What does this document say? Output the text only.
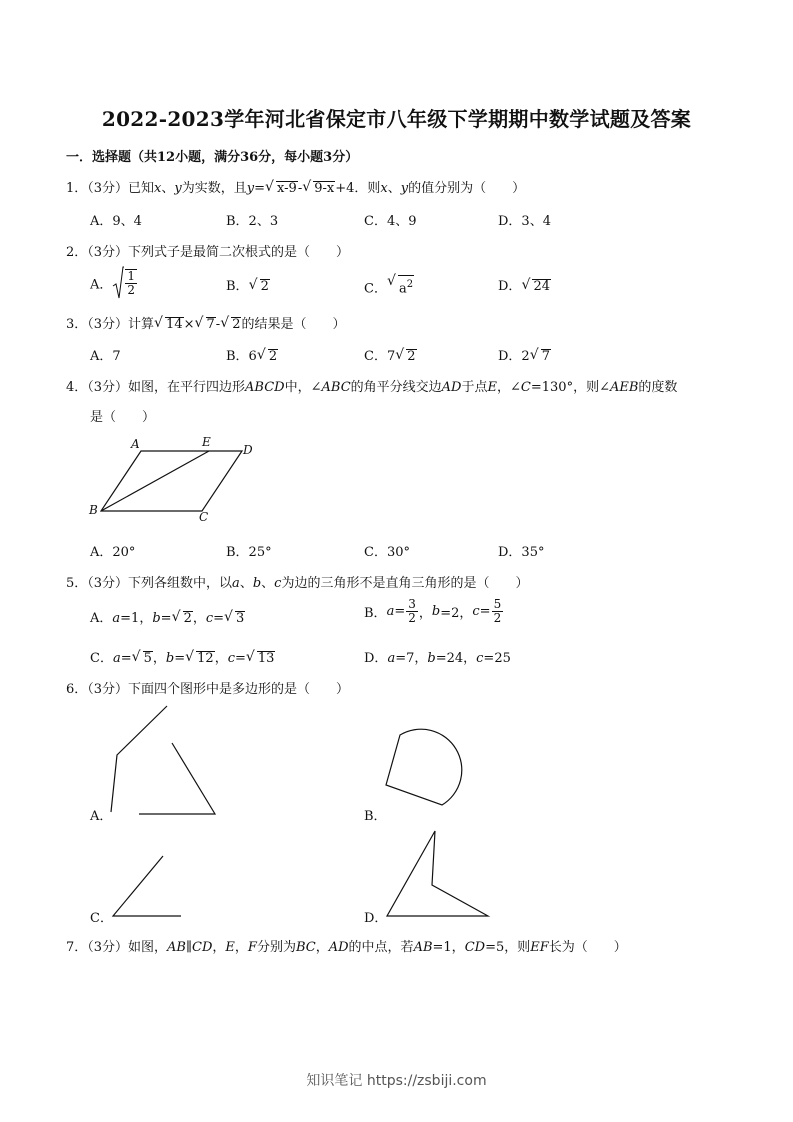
2022-2023学年河北省保定市八年级下学期期中数学试题及答案
一．选择题（共12小题，满分36分，每小题3分）
1．（3分）已知x、y为实数，且y= √ x-9- √ 9-x+4．则x、y的值分别为（　　）
A．9、4	B．2、3	C．4、9	D．3、4
2．（3分）下列式子是最简二次根式的是（　　）
A． $\frac{1}{2}$	B． √ 2	C． √ $a^2$	D． √ 24
3．（3分）计算 √ 14× √ 7- √ 2的结果是（　　）
A．7	B．6 √ 2	C．7 √ 2	D．2 √ 7
4．（3分）如图，在平行四边形ABCD中，∠ABC的角平分线交边AD于点E，∠C=130°，则∠AEB的度数
是（　　）
A	E
D
B	C
A．20°	B．25°	C．30°	D．35°
5．（3分）下列各组数中，以a、b、c为边的三角形不是直角三角形的是（　　）
A．a=1，b= √ 2，c= √ 3	B．$a= \frac{3}{2}$ ，b=2，$c= \frac{5}{2}$
C．a= √ 5，b= √ 12，c= √ 13	D．a=7，b=24，c=25
6．（3分）下面四个图形中是多边形的是（　　）
A．	B．
C．	D．
7．（3分）如图，AB∥CD，E，F分别为BC，AD的中点，若AB=1，CD=5，则EF长为（　　）
知识笔记 https://zsbiji.com
